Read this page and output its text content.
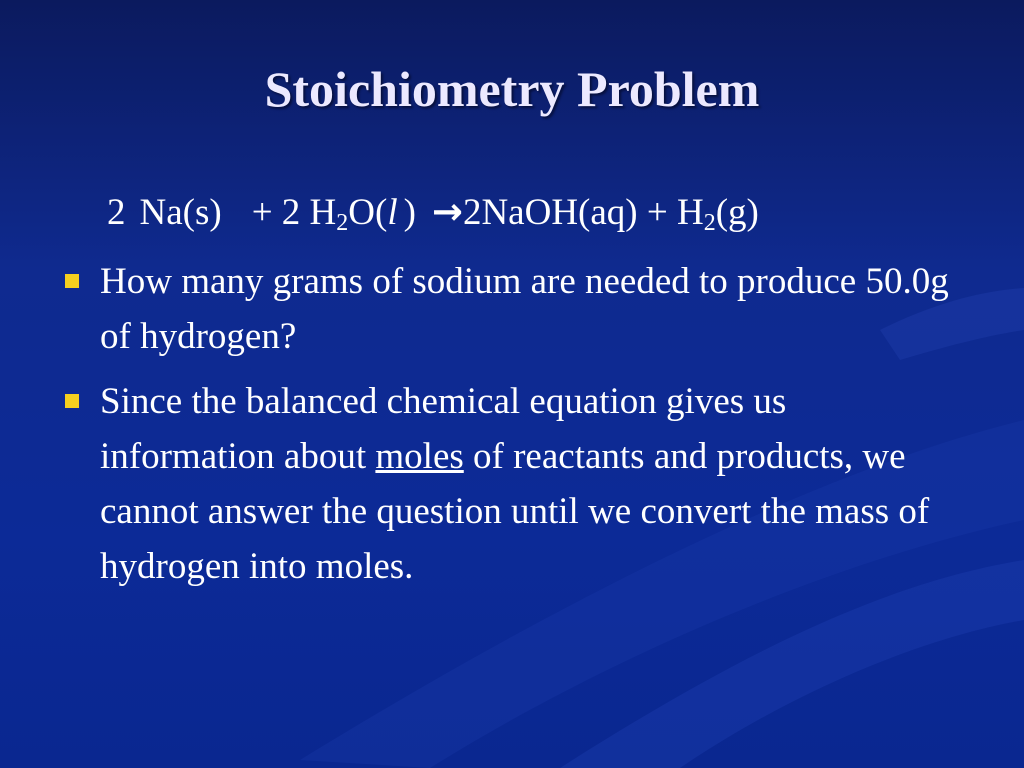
Stoichiometry Problem
2 Na(s) + 2 $H_2O(l$ ) →2NaOH(aq) + $H_2(g)$
How many grams of sodium are needed to produce 50.0g of hydrogen?
Since the balanced chemical equation gives us information about moles of reactants and products, we cannot answer the question until we convert the mass of hydrogen into moles.
